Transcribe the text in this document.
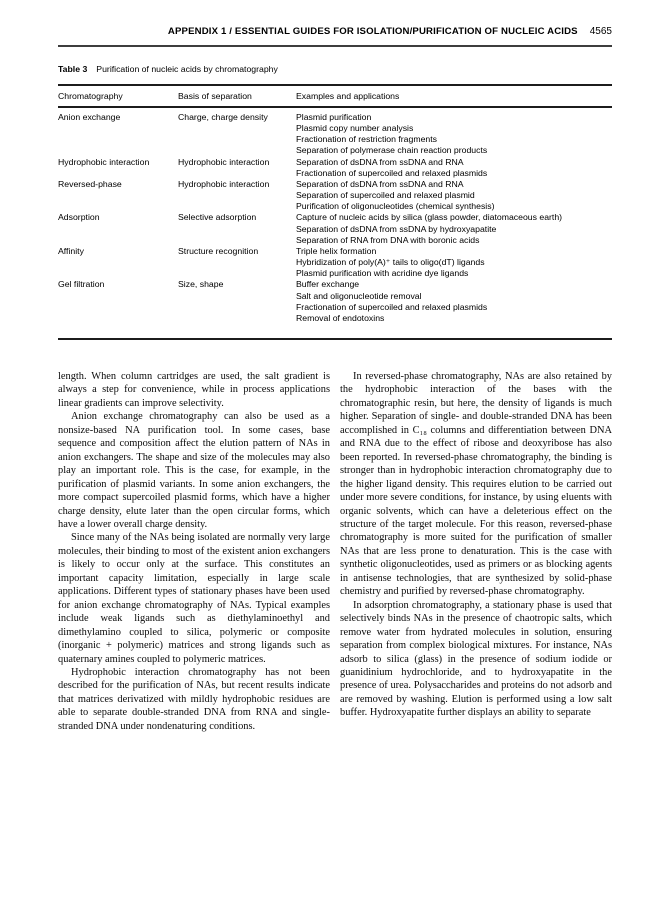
APPENDIX 1 / ESSENTIAL GUIDES FOR ISOLATION/PURIFICATION OF NUCLEIC ACIDS 4565
Table 3 Purification of nucleic acids by chromatography
Chromatography	Basis of separation	Examples and applications
Anion exchange	Charge, charge density	Plasmid purification
Plasmid copy number analysis
Fractionation of restriction fragments
Separation of polymerase chain reaction products
Hydrophobic interaction	Hydrophobic interaction	Separation of dsDNA from ssDNA and RNA
Fractionation of supercoiled and relaxed plasmids
Reversed-phase	Hydrophobic interaction	Separation of dsDNA from ssDNA and RNA
Separation of supercoiled and relaxed plasmid
Purification of oligonucleotides (chemical synthesis)
Adsorption	Selective adsorption	Capture of nucleic acids by silica (glass powder, diatomaceous earth)
Separation of dsDNA from ssDNA by hydroxyapatite
Separation of RNA from DNA with boronic acids
Affinity	Structure recognition	Triple helix formation
Hybridization of poly(A)⁺ tails to oligo(dT) ligands
Plasmid purification with acridine dye ligands
Gel filtration	Size, shape	Buffer exchange
Salt and oligonucleotide removal
Fractionation of supercoiled and relaxed plasmids
Removal of endotoxins

length. When column cartridges are used, the salt gradient is always a step for convenience, while in process applications linear gradients can improve selectivity.

Anion exchange chromatography can also be used as a nonsize-based NA purification tool. In some cases, base sequence and composition affect the elution pattern of NAs in anion exchangers. The shape and size of the molecules may also play an important role. This is the case, for example, in the purification of plasmid variants. In some anion exchangers, the more compact supercoiled plasmid forms, which have a higher charge density, elute later than the open circular forms, which have a lower overall charge density.

Since many of the NAs being isolated are normally very large molecules, their binding to most of the existent anion exchangers is likely to occur only at the surface. This constitutes an important capacity limitation, especially in large scale applications. Different types of stationary phases have been used for anion exchange chromatography of NAs. Typical examples include weak ligands such as diethylaminoethyl and dimethylamino coupled to silica, polymeric or composite (inorganic + polymeric) matrices and strong ligands such as quaternary amines coupled to polymeric matrices.

Hydrophobic interaction chromatography has not been described for the purification of NAs, but recent results indicate that matrices derivatized with mildly hydrophobic residues are able to separate double-stranded DNA from RNA and single-stranded DNA under nondenaturing conditions.

In reversed-phase chromatography, NAs are also retained by the hydrophobic interaction of the bases with the chromatographic resin, but here, the density of ligands is much higher. Separation of single- and double-stranded DNA has been accomplished in C₁₈ columns and differentiation between DNA and RNA due to the effect of ribose and deoxyribose has also been reported. In reversed-phase chromatography, the binding is stronger than in hydrophobic interaction chromatography due to the higher ligand density. This requires elution to be carried out under more severe conditions, for instance, by using eluents with organic solvents, which can have a deleterious effect on the structure of the target molecule. For this reason, reversed-phase chromatography is more suited for the purification of smaller NAs that are less prone to denaturation. This is the case with synthetic oligonucleotides, used as primers or as blocking agents in antisense technologies, that are synthesized by solid-phase chemistry and purified by reversed-phase chromatography.

In adsorption chromatography, a stationary phase is used that selectively binds NAs in the presence of chaotropic salts, which remove water from hydrated molecules in solution, ensuring separation from complex biological mixtures. For instance, NAs adsorb to silica (glass) in the presence of sodium iodide or guanidinium hydrochloride, and to hydroxyapatite in the presence of urea. Polysaccharides and proteins do not adsorb and are removed by washing. Elution is performed using a low salt buffer. Hydroxyapatite further displays an ability to separate
